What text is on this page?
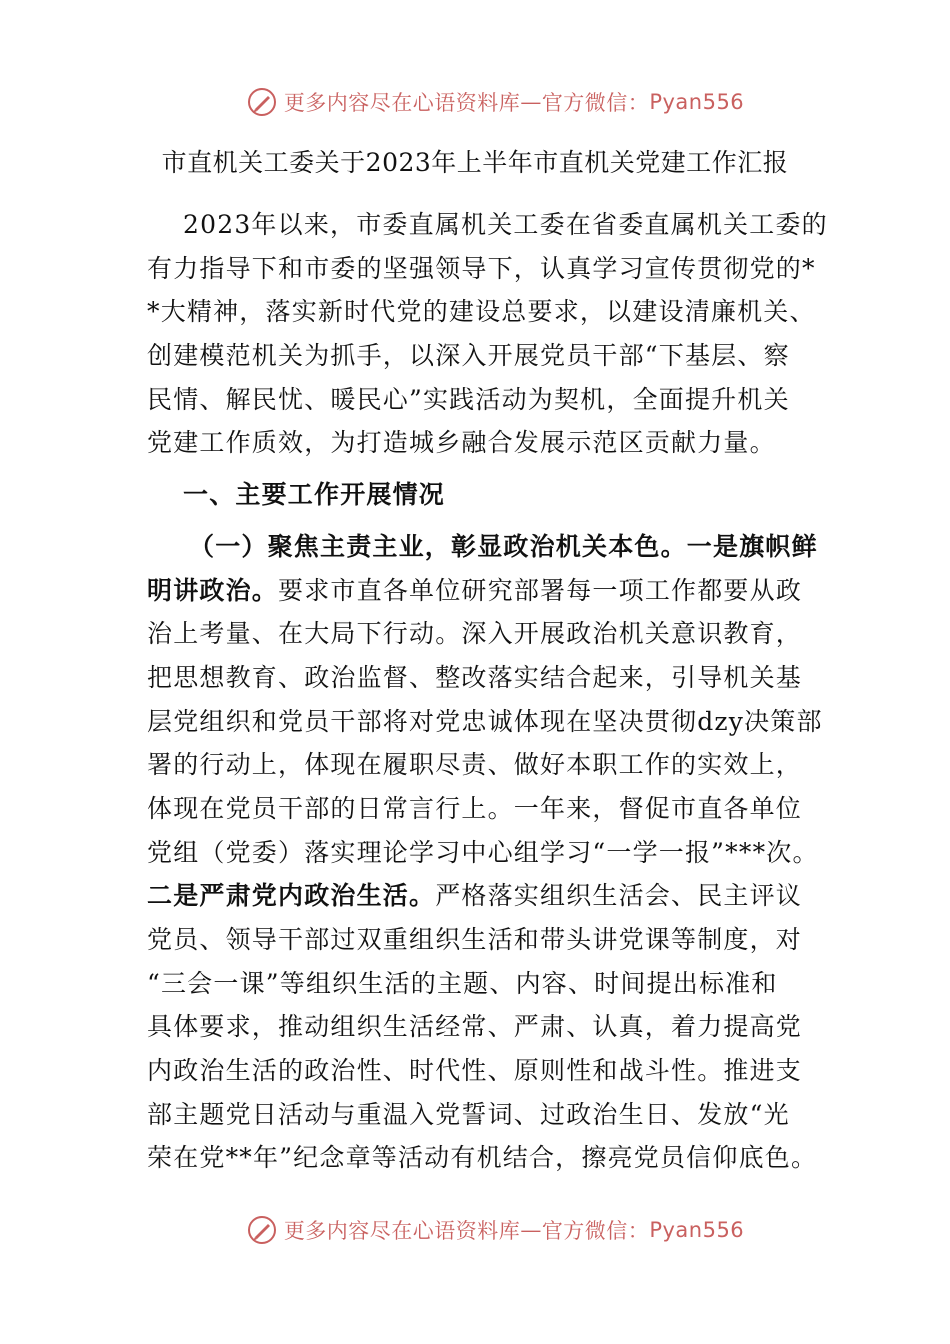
更多内容尽在心语资料库 — 官方微信： Pyan556
市直机关工委关于2023年上半年市直机关党建工作汇报
2023年以来，市委直属机关工委在省委直属机关工委的
有力指导下和市委的坚强领导下，认真学习宣传贯彻党的*
*大精神，落实新时代党的建设总要求，以建设清廉机关、
创建模范机关为抓手，以深入开展党员干部“下基层、察
民情、解民忧、暖民心”实践活动为契机，全面提升机关
党建工作质效，为打造城乡融合发展示范区贡献力量。
一、主要工作开展情况
（一）聚焦主责主业，彰显政治机关本色。一是旗帜鲜
明讲政治。要求市直各单位研究部署每一项工作都要从政
治上考量、在大局下行动。深入开展政治机关意识教育，
把思想教育、政治监督、整改落实结合起来，引导机关基
层党组织和党员干部将对党忠诚体现在坚决贯彻dzy决策部
署的行动上，体现在履职尽责、做好本职工作的实效上，
体现在党员干部的日常言行上。一年来，督促市直各单位
党组（党委）落实理论学习中心组学习“一学一报”***次。
二是严肃党内政治生活。严格落实组织生活会、民主评议
党员、领导干部过双重组织生活和带头讲党课等制度，对
“三会一课”等组织生活的主题、内容、时间提出标准和
具体要求，推动组织生活经常、严肃、认真，着力提高党
内政治生活的政治性、时代性、原则性和战斗性。推进支
部主题党日活动与重温入党誓词、过政治生日、发放“光
荣在党**年”纪念章等活动有机结合，擦亮党员信仰底色。
更多内容尽在心语资料库 — 官方微信： Pyan556
